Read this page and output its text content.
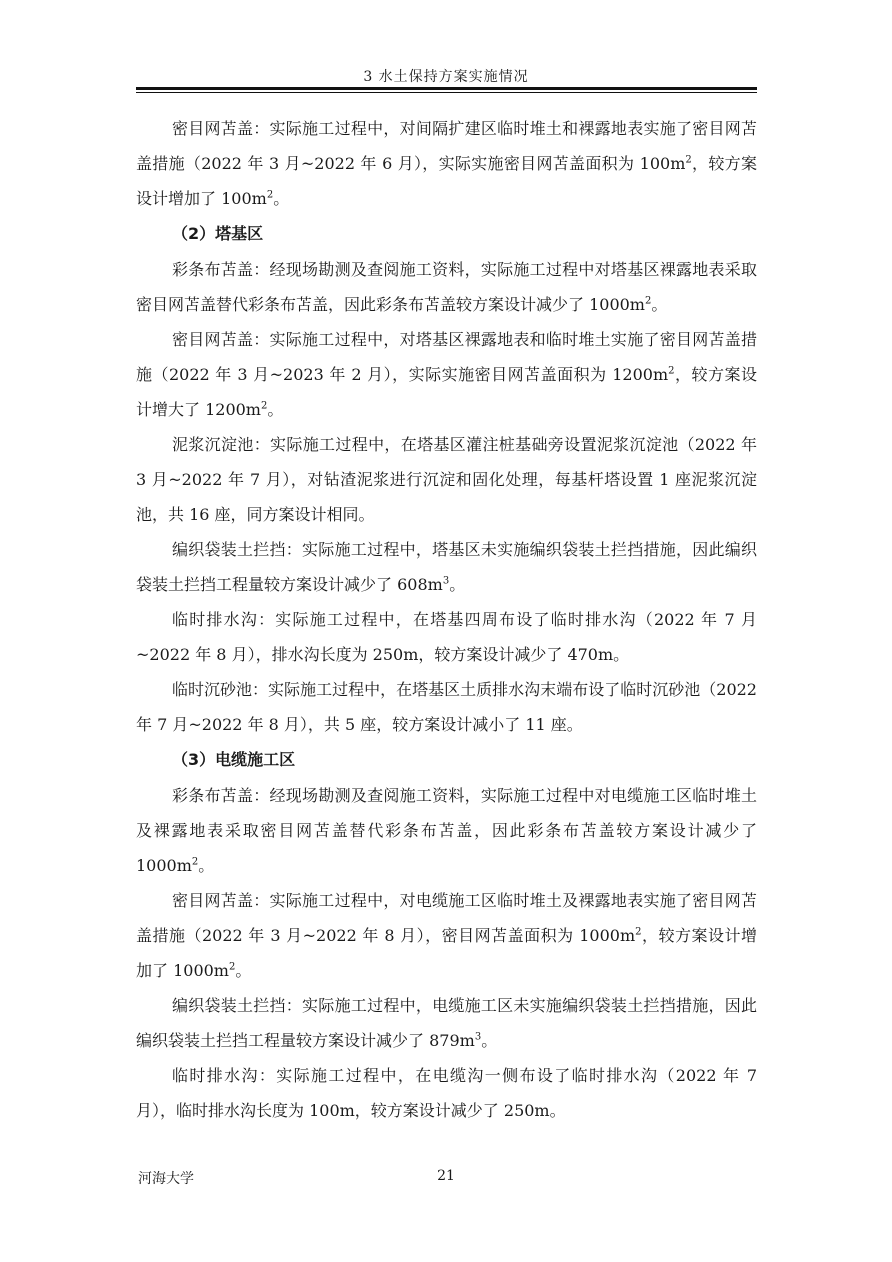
3 水土保持方案实施情况

密目网苫盖：实际施工过程中，对间隔扩建区临时堆土和裸露地表实施了密目网苫盖措施（2022 年 3 月~2022 年 6 月），实际实施密目网苫盖面积为 $100m^2$，较方案设计增加了 $100m^2$。

（2）塔基区

彩条布苫盖：经现场勘测及查阅施工资料，实际施工过程中对塔基区裸露地表采取密目网苫盖替代彩条布苫盖，因此彩条布苫盖较方案设计减少了 $1000m^2$。

密目网苫盖：实际施工过程中，对塔基区裸露地表和临时堆土实施了密目网苫盖措施（2022 年 3 月~2023 年 2 月），实际实施密目网苫盖面积为 $1200m^2$，较方案设计增大了 $1200m^2$。

泥浆沉淀池：实际施工过程中，在塔基区灌注桩基础旁设置泥浆沉淀池（2022 年 3 月~2022 年 7 月），对钻渣泥浆进行沉淀和固化处理，每基杆塔设置 1 座泥浆沉淀池，共 16 座，同方案设计相同。

编织袋装土拦挡：实际施工过程中，塔基区未实施编织袋装土拦挡措施，因此编织袋装土拦挡工程量较方案设计减少了 $608m^3$。

临时排水沟：实际施工过程中，在塔基四周布设了临时排水沟（2022 年 7 月~2022 年 8 月），排水沟长度为 250m，较方案设计减少了 470m。

临时沉砂池：实际施工过程中，在塔基区土质排水沟末端布设了临时沉砂池（2022 年 7 月~2022 年 8 月），共 5 座，较方案设计减小了 11 座。

（3）电缆施工区

彩条布苫盖：经现场勘测及查阅施工资料，实际施工过程中对电缆施工区临时堆土及裸露地表采取密目网苫盖替代彩条布苫盖，因此彩条布苫盖较方案设计减少了 $1000m^2$。

密目网苫盖：实际施工过程中，对电缆施工区临时堆土及裸露地表实施了密目网苫盖措施（2022 年 3 月~2022 年 8 月），密目网苫盖面积为 $1000m^2$，较方案设计增加了 $1000m^2$。

编织袋装土拦挡：实际施工过程中，电缆施工区未实施编织袋装土拦挡措施，因此编织袋装土拦挡工程量较方案设计减少了 $879m^3$。

临时排水沟：实际施工过程中，在电缆沟一侧布设了临时排水沟（2022 年 7 月），临时排水沟长度为 100m，较方案设计减少了 250m。

河海大学	21
